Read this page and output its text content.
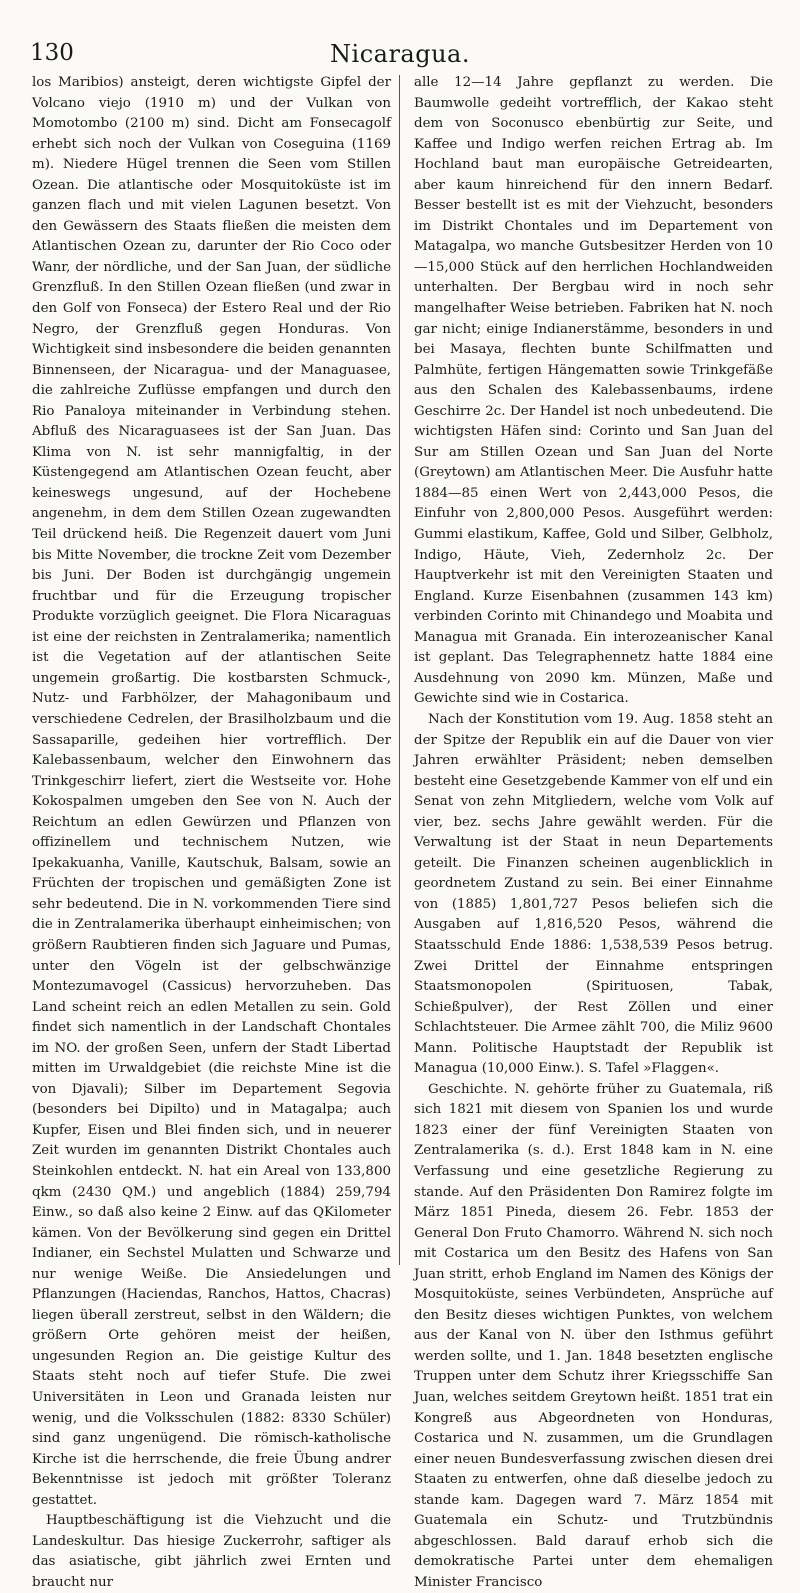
130	Nicaragua.

los Maribios) ansteigt, deren wichtigste Gipfel der Volcano viejo (1910 m) und der Vulkan von Momotombo (2100 m) sind. Dicht am Fonsecagolf erhebt sich noch der Vulkan von Coseguina (1169 m). Niedere Hügel trennen die Seen vom Stillen Ozean. Die atlantische oder Mosquitoküste ist im ganzen flach und mit vielen Lagunen besetzt. Von den Gewässern des Staats fließen die meisten dem Atlantischen Ozean zu, darunter der Rio Coco oder Wanr, der nördliche, und der San Juan, der südliche Grenzfluß. In den Stillen Ozean fließen (und zwar in den Golf von Fonseca) der Estero Real und der Rio Negro, der Grenzfluß gegen Honduras. Von Wichtigkeit sind insbesondere die beiden genannten Binnenseen, der Nicaragua- und der Managuasee, die zahlreiche Zuflüsse empfangen und durch den Rio Panaloya miteinander in Verbindung stehen. Abfluß des Nicaraguasees ist der San Juan. Das Klima von N. ist sehr mannigfaltig, in der Küstengegend am Atlantischen Ozean feucht, aber keineswegs ungesund, auf der Hochebene angenehm, in dem dem Stillen Ozean zugewandten Teil drückend heiß. Die Regenzeit dauert vom Juni bis Mitte November, die trockne Zeit vom Dezember bis Juni. Der Boden ist durchgängig ungemein fruchtbar und für die Erzeugung tropischer Produkte vorzüglich geeignet. Die Flora Nicaraguas ist eine der reichsten in Zentralamerika; namentlich ist die Vegetation auf der atlantischen Seite ungemein großartig. Die kostbarsten Schmuck-, Nutz- und Farbhölzer, der Mahagonibaum und verschiedene Cedrelen, der Brasilholzbaum und die Sassaparille, gedeihen hier vortrefflich. Der Kalebassenbaum, welcher den Einwohnern das Trinkgeschirr liefert, ziert die Westseite vor. Hohe Kokospalmen umgeben den See von N. Auch der Reichtum an edlen Gewürzen und Pflanzen von offizinellem und technischem Nutzen, wie Ipekakuanha, Vanille, Kautschuk, Balsam, sowie an Früchten der tropischen und gemäßigten Zone ist sehr bedeutend. Die in N. vorkommenden Tiere sind die in Zentralamerika überhaupt einheimischen; von größern Raubtieren finden sich Jaguare und Pumas, unter den Vögeln ist der gelbschwänzige Montezumavogel (Cassicus) hervorzuheben. Das Land scheint reich an edlen Metallen zu sein. Gold findet sich namentlich in der Landschaft Chontales im NO. der großen Seen, unfern der Stadt Libertad mitten im Urwaldgebiet (die reichste Mine ist die von Djavali); Silber im Departement Segovia (besonders bei Dipilto) und in Matagalpa; auch Kupfer, Eisen und Blei finden sich, und in neuerer Zeit wurden im genannten Distrikt Chontales auch Steinkohlen entdeckt. N. hat ein Areal von 133,800 qkm (2430 QM.) und angeblich (1884) 259,794 Einw., so daß also keine 2 Einw. auf das QKilometer kämen. Von der Bevölkerung sind gegen ein Drittel Indianer, ein Sechstel Mulatten und Schwarze und nur wenige Weiße. Die Ansiedelungen und Pflanzungen (Haciendas, Ranchos, Hattos, Chacras) liegen überall zerstreut, selbst in den Wäldern; die größern Orte gehören meist der heißen, ungesunden Region an. Die geistige Kultur des Staats steht noch auf tiefer Stufe. Die zwei Universitäten in Leon und Granada leisten nur wenig, und die Volksschulen (1882: 8330 Schüler) sind ganz ungenügend. Die römisch-katholische Kirche ist die herrschende, die freie Übung andrer Bekenntnisse ist jedoch mit größter Toleranz gestattet.

Hauptbeschäftigung ist die Viehzucht und die Landeskultur. Das hiesige Zuckerrohr, saftiger als das asiatische, gibt jährlich zwei Ernten und braucht nur

alle 12—14 Jahre gepflanzt zu werden. Die Baumwolle gedeiht vortrefflich, der Kakao steht dem von Soconusco ebenbürtig zur Seite, und Kaffee und Indigo werfen reichen Ertrag ab. Im Hochland baut man europäische Getreidearten, aber kaum hinreichend für den innern Bedarf. Besser bestellt ist es mit der Viehzucht, besonders im Distrikt Chontales und im Departement von Matagalpa, wo manche Gutsbesitzer Herden von 10—15,000 Stück auf den herrlichen Hochlandweiden unterhalten. Der Bergbau wird in noch sehr mangelhafter Weise betrieben. Fabriken hat N. noch gar nicht; einige Indianerstämme, besonders in und bei Masaya, flechten bunte Schilfmatten und Palmhüte, fertigen Hängematten sowie Trinkgefäße aus den Schalen des Kalebassenbaums, irdene Geschirre 2c. Der Handel ist noch unbedeutend. Die wichtigsten Häfen sind: Corinto und San Juan del Sur am Stillen Ozean und San Juan del Norte (Greytown) am Atlantischen Meer. Die Ausfuhr hatte 1884—85 einen Wert von 2,443,000 Pesos, die Einfuhr von 2,800,000 Pesos. Ausgeführt werden: Gummi elastikum, Kaffee, Gold und Silber, Gelbholz, Indigo, Häute, Vieh, Zedernholz 2c. Der Hauptverkehr ist mit den Vereinigten Staaten und England. Kurze Eisenbahnen (zusammen 143 km) verbinden Corinto mit Chinandego und Moabita und Managua mit Granada. Ein interozeanischer Kanal ist geplant. Das Telegraphennetz hatte 1884 eine Ausdehnung von 2090 km. Münzen, Maße und Gewichte sind wie in Costarica.

Nach der Konstitution vom 19. Aug. 1858 steht an der Spitze der Republik ein auf die Dauer von vier Jahren erwählter Präsident; neben demselben besteht eine Gesetzgebende Kammer von elf und ein Senat von zehn Mitgliedern, welche vom Volk auf vier, bez. sechs Jahre gewählt werden. Für die Verwaltung ist der Staat in neun Departements geteilt. Die Finanzen scheinen augenblicklich in geordnetem Zustand zu sein. Bei einer Einnahme von (1885) 1,801,727 Pesos beliefen sich die Ausgaben auf 1,816,520 Pesos, während die Staatsschuld Ende 1886: 1,538,539 Pesos betrug. Zwei Drittel der Einnahme entspringen Staatsmonopolen (Spirituosen, Tabak, Schießpulver), der Rest Zöllen und einer Schlachtsteuer. Die Armee zählt 700, die Miliz 9600 Mann. Politische Hauptstadt der Republik ist Managua (10,000 Einw.). S. Tafel »Flaggen«.

Geschichte. N. gehörte früher zu Guatemala, riß sich 1821 mit diesem von Spanien los und wurde 1823 einer der fünf Vereinigten Staaten von Zentralamerika (s. d.). Erst 1848 kam in N. eine Verfassung und eine gesetzliche Regierung zu stande. Auf den Präsidenten Don Ramirez folgte im März 1851 Pineda, diesem 26. Febr. 1853 der General Don Fruto Chamorro. Während N. sich noch mit Costarica um den Besitz des Hafens von San Juan stritt, erhob England im Namen des Königs der Mosquitoküste, seines Verbündeten, Ansprüche auf den Besitz dieses wichtigen Punktes, von welchem aus der Kanal von N. über den Isthmus geführt werden sollte, und 1. Jan. 1848 besetzten englische Truppen unter dem Schutz ihrer Kriegsschiffe San Juan, welches seitdem Greytown heißt. 1851 trat ein Kongreß aus Abgeordneten von Honduras, Costarica und N. zusammen, um die Grundlagen einer neuen Bundesverfassung zwischen diesen drei Staaten zu entwerfen, ohne daß dieselbe jedoch zu stande kam. Dagegen ward 7. März 1854 mit Guatemala ein Schutz- und Trutzbündnis abgeschlossen. Bald darauf erhob sich die demokratische Partei unter dem ehemaligen Minister Francisco
